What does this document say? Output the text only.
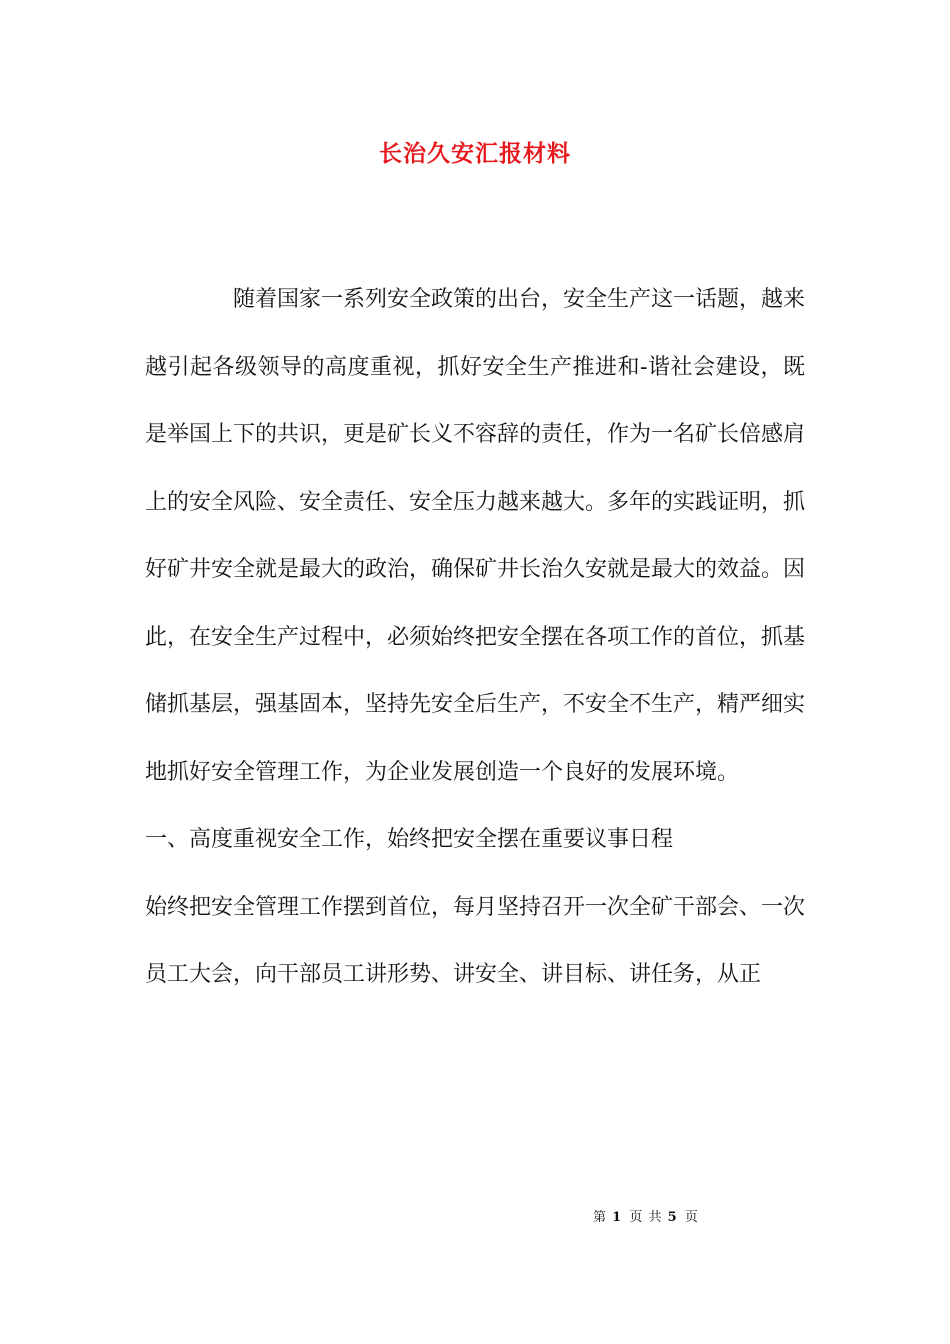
长治久安汇报材料

随着国家一系列安全政策的出台，安全生产这一话题，越来越引起各级领导的高度重视，抓好安全生产推进和-谐社会建设，既是举国上下的共识，更是矿长义不容辞的责任，作为一名矿长倍感肩上的安全风险、安全责任、安全压力越来越大。多年的实践证明，抓好矿井安全就是最大的政治，确保矿井长治久安就是最大的效益。因此，在安全生产过程中，必须始终把安全摆在各项工作的首位，抓基储抓基层，强基固本，坚持先安全后生产，不安全不生产，精严细实地抓好安全管理工作，为企业发展创造一个良好的发展环境。

一、高度重视安全工作，始终把安全摆在重要议事日程

始终把安全管理工作摆到首位，每月坚持召开一次全矿干部会、一次员工大会，向干部员工讲形势、讲安全、讲目标、讲任务，从正

第 1 页 共 5 页
